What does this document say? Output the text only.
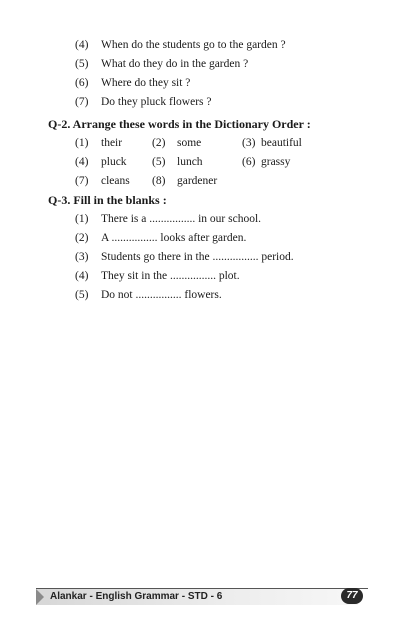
(4) When do the students go to the garden ?
(5) What do they do in the garden ?
(6) Where do they sit ?
(7) Do they pluck flowers ?
Q-2. Arrange these words in the Dictionary Order :
(1) their	(2) some	(3) beautiful
(4) pluck (5) lunch	(6) grassy
(7) cleans (8) gardener
Q-3. Fill in the blanks :
(1) There is a ................ in our school.
(2) A ................ looks after garden.
(3) Students go there in the ................ period.
(4) They sit in the ................ plot.
(5) Do not ................ flowers.
Alankar - English Grammar - STD - 6	77
